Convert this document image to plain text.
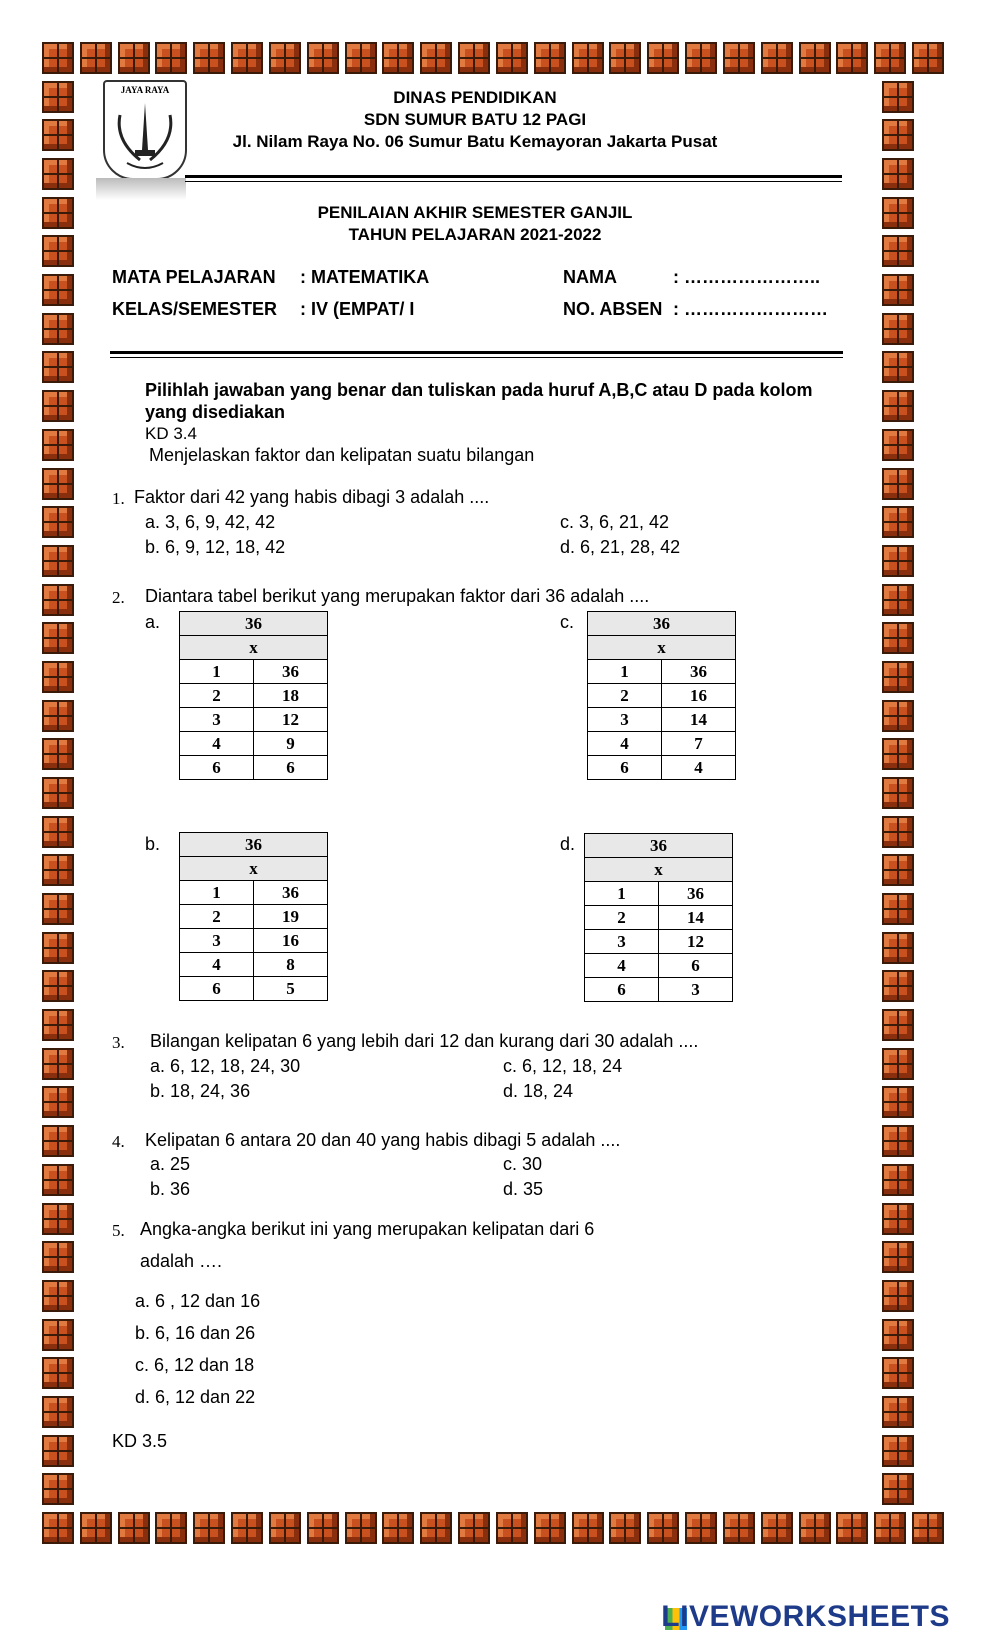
JAYA RAYA	DINAS PENDIDIKAN
SDN SUMUR BATU 12 PAGI
Jl. Nilam Raya No. 06 Sumur Batu Kemayoran Jakarta Pusat
PENILAIAN AKHIR SEMESTER GANJIL
TAHUN PELAJARAN 2021-2022
MATA PELAJARAN : MATEMATIKA
KELAS/SEMESTER : IV (EMPAT/ I
NAMA	: …………………..
NO. ABSEN : ……………………
Pilihlah jawaban yang benar dan tuliskan pada huruf A,B,C atau D pada kolom
yang disediakan
KD 3.4
Menjelaskan faktor dan kelipatan suatu bilangan
1. Faktor dari 42 yang habis dibagi 3 adalah ....
a. 3, 6, 9, 42, 42
b. 6, 9, 12, 18, 42
c. 3, 6, 21, 42
d. 6, 21, 28, 42
2. Diantara tabel berikut yang merupakan faktor dari 36 adalah ....
a.	c.
b.	d.
36	
x	
1	36
2	18
3	12
4	9
6	6
36	
x	
1	36
2	16
3	14
4	7
6	4
36	
x	
1	36
2	19
3	16
4	8
6	5
36	
x	
1	36
2	14
3	12
4	6
6	3
3. Bilangan kelipatan 6 yang lebih dari 12 dan kurang dari 30 adalah ....
a. 6, 12, 18, 24, 30
b. 18, 24, 36
c. 6, 12, 18, 24
d. 18, 24
4. Kelipatan 6 antara 20 dan 40 yang habis dibagi 5 adalah ....
a. 25
b. 36
c. 30
d. 35
5. Angka-angka berikut ini yang merupakan kelipatan dari 6
adalah ….
a. 6 , 12 dan 16
b. 6, 16 dan 26
c. 6, 12 dan 18
d. 6, 12 dan 22
KD 3.5
LIVEWORKSHEETS
